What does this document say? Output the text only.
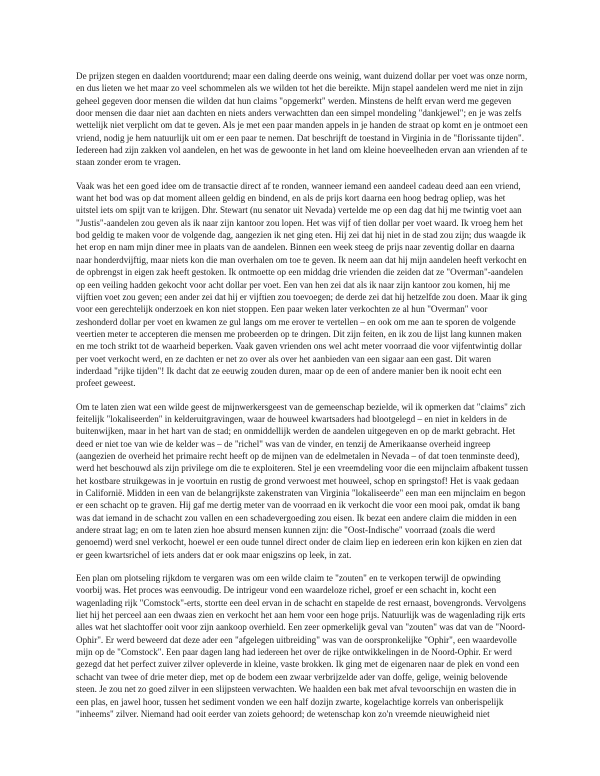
De prijzen stegen en daalden voortdurend; maar een daling deerde ons weinig, want duizend dollar per voet was onze norm, en dus lieten we het maar zo veel schommelen als we wilden tot het die bereikte. Mijn stapel aandelen werd me niet in zijn geheel gegeven door mensen die wilden dat hun claims "opgemerkt" werden. Minstens de helft ervan werd me gegeven door mensen die daar niet aan dachten en niets anders verwachtten dan een simpel mondeling "dankjewel"; en je was zelfs wettelijk niet verplicht om dat te geven. Als je met een paar manden appels in je handen de straat op komt en je ontmoet een vriend, nodig je hem natuurlijk uit om er een paar te nemen. Dat beschrijft de toestand in Virginia in de "florissante tijden". Iedereen had zijn zakken vol aandelen, en het was de gewoonte in het land om kleine hoeveelheden ervan aan vrienden af te staan zonder erom te vragen.

Vaak was het een goed idee om de transactie direct af te ronden, wanneer iemand een aandeel cadeau deed aan een vriend, want het bod was op dat moment alleen geldig en bindend, en als de prijs kort daarna een hoog bedrag opliep, was het uitstel iets om spijt van te krijgen. Dhr. Stewart (nu senator uit Nevada) vertelde me op een dag dat hij me twintig voet aan "Justis"-aandelen zou geven als ik naar zijn kantoor zou lopen. Het was vijf of tien dollar per voet waard. Ik vroeg hem het bod geldig te maken voor de volgende dag, aangezien ik net ging eten. Hij zei dat hij niet in de stad zou zijn; dus waagde ik het erop en nam mijn diner mee in plaats van de aandelen. Binnen een week steeg de prijs naar zeventig dollar en daarna naar honderdvijftig, maar niets kon die man overhalen om toe te geven. Ik neem aan dat hij mijn aandelen heeft verkocht en de opbrengst in eigen zak heeft gestoken. Ik ontmoette op een middag drie vrienden die zeiden dat ze "Overman"-aandelen op een veiling hadden gekocht voor acht dollar per voet. Een van hen zei dat als ik naar zijn kantoor zou komen, hij me vijftien voet zou geven; een ander zei dat hij er vijftien zou toevoegen; de derde zei dat hij hetzelfde zou doen. Maar ik ging voor een gerechtelijk onderzoek en kon niet stoppen. Een paar weken later verkochten ze al hun "Overman" voor zeshonderd dollar per voet en kwamen ze gul langs om me erover te vertellen – en ook om me aan te sporen de volgende veertien meter te accepteren die mensen me probeerden op te dringen. Dit zijn feiten, en ik zou de lijst lang kunnen maken en me toch strikt tot de waarheid beperken. Vaak gaven vrienden ons wel acht meter voorraad die voor vijfentwintig dollar per voet verkocht werd, en ze dachten er net zo over als over het aanbieden van een sigaar aan een gast. Dit waren inderdaad "rijke tijden"! Ik dacht dat ze eeuwig zouden duren, maar op de een of andere manier ben ik nooit echt een profeet geweest.

Om te laten zien wat een wilde geest de mijnwerkersgeest van de gemeenschap bezielde, wil ik opmerken dat "claims" zich feitelijk "lokaliseerden" in kelderuitgravingen, waar de houweel kwartsaders had blootgelegd – en niet in kelders in de buitenwijken, maar in het hart van de stad; en onmiddellijk werden de aandelen uitgegeven en op de markt gebracht. Het deed er niet toe van wie de kelder was – de "richel" was van de vinder, en tenzij de Amerikaanse overheid ingreep (aangezien de overheid het primaire recht heeft op de mijnen van de edelmetalen in Nevada – of dat toen tenminste deed), werd het beschouwd als zijn privilege om die te exploiteren. Stel je een vreemdeling voor die een mijnclaim afbakent tussen het kostbare struikgewas in je voortuin en rustig de grond verwoest met houweel, schop en springstof! Het is vaak gedaan in Californië. Midden in een van de belangrijkste zakenstraten van Virginia "lokaliseerde" een man een mijnclaim en begon er een schacht op te graven. Hij gaf me dertig meter van de voorraad en ik verkocht die voor een mooi pak, omdat ik bang was dat iemand in de schacht zou vallen en een schadevergoeding zou eisen. Ik bezat een andere claim die midden in een andere straat lag; en om te laten zien hoe absurd mensen kunnen zijn: die "Oost-Indische" voorraad (zoals die werd genoemd) werd snel verkocht, hoewel er een oude tunnel direct onder de claim liep en iedereen erin kon kijken en zien dat er geen kwartsrichel of iets anders dat er ook maar enigszins op leek, in zat.

Een plan om plotseling rijkdom te vergaren was om een wilde claim te "zouten" en te verkopen terwijl de opwinding voorbij was. Het proces was eenvoudig. De intrigeur vond een waardeloze richel, groef er een schacht in, kocht een wagenlading rijk "Comstock"-erts, stortte een deel ervan in de schacht en stapelde de rest ernaast, bovengronds. Vervolgens liet hij het perceel aan een dwaas zien en verkocht het aan hem voor een hoge prijs. Natuurlijk was de wagenlading rijk erts alles wat het slachtoffer ooit voor zijn aankoop overhield. Een zeer opmerkelijk geval van "zouten" was dat van de "Noord-Ophir". Er werd beweerd dat deze ader een "afgelegen uitbreiding" was van de oorspronkelijke "Ophir", een waardevolle mijn op de "Comstock". Een paar dagen lang had iedereen het over de rijke ontwikkelingen in de Noord-Ophir. Er werd gezegd dat het perfect zuiver zilver opleverde in kleine, vaste brokken. Ik ging met de eigenaren naar de plek en vond een schacht van twee of drie meter diep, met op de bodem een zwaar verbrijzelde ader van doffe, gelige, weinig belovende steen. Je zou net zo goed zilver in een slijpsteen verwachten. We haalden een bak met afval tevoorschijn en wasten die in een plas, en jawel hoor, tussen het sediment vonden we een half dozijn zwarte, kogelachtige korrels van onberispelijk "inheems" zilver. Niemand had ooit eerder van zoiets gehoord; de wetenschap kon zo'n vreemde nieuwigheid niet
